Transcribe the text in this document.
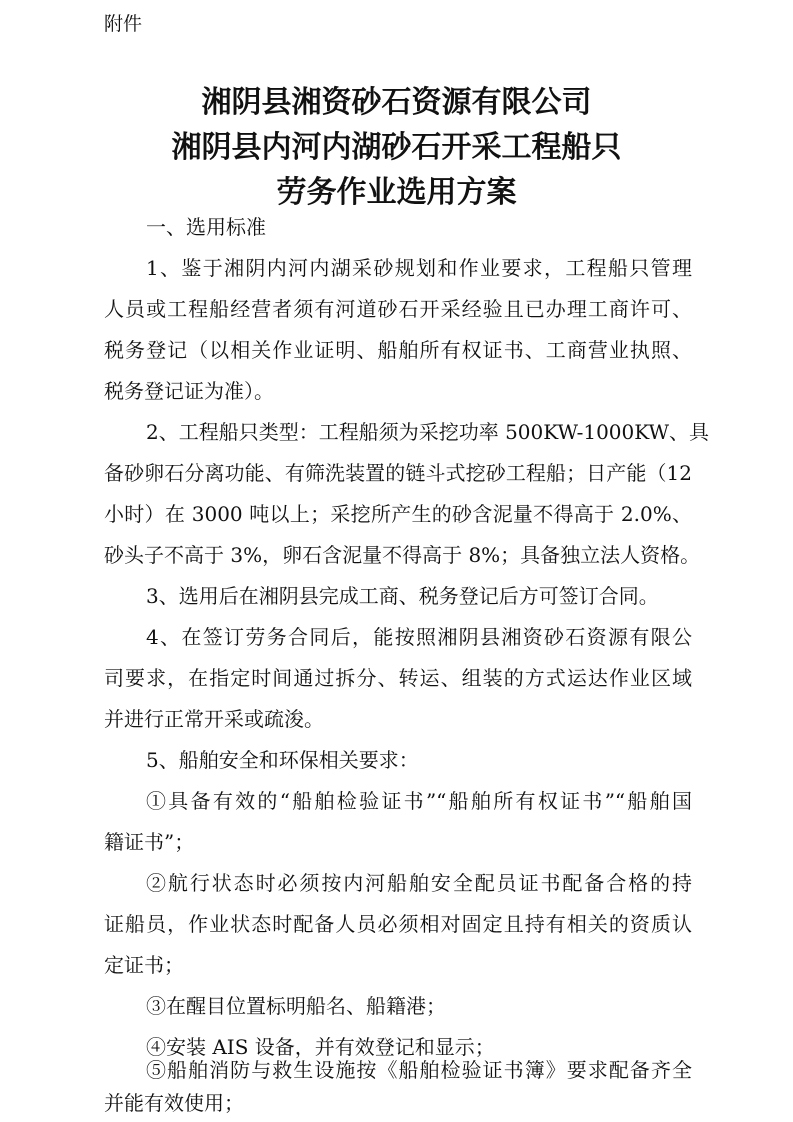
附件
湘阴县湘资砂石资源有限公司
湘阴县内河内湖砂石开采工程船只
劳务作业选用方案
一、选用标准
1、鉴于湘阴内河内湖采砂规划和作业要求，工程船只管理
人员或工程船经营者须有河道砂石开采经验且已办理工商许可、
税务登记（以相关作业证明、船舶所有权证书、工商营业执照、
税务登记证为准）。
2、工程船只类型：工程船须为采挖功率 500KW-1000KW、具
备砂卵石分离功能、有筛洗装置的链斗式挖砂工程船；日产能（12
小时）在 3000 吨以上；采挖所产生的砂含泥量不得高于 2.0%、
砂头子不高于 3%，卵石含泥量不得高于 8%；具备独立法人资格。
3、选用后在湘阴县完成工商、税务登记后方可签订合同。
4、在签订劳务合同后，能按照湘阴县湘资砂石资源有限公
司要求，在指定时间通过拆分、转运、组装的方式运达作业区域
并进行正常开采或疏浚。
5、船舶安全和环保相关要求：
①具备有效的“船舶检验证书”“船舶所有权证书”“船舶国
籍证书”；
②航行状态时必须按内河船舶安全配员证书配备合格的持
证船员，作业状态时配备人员必须相对固定且持有相关的资质认
定证书；
③在醒目位置标明船名、船籍港；
④安装 AIS 设备，并有效登记和显示；
⑤船舶消防与救生设施按《船舶检验证书簿》要求配备齐全
并能有效使用；
